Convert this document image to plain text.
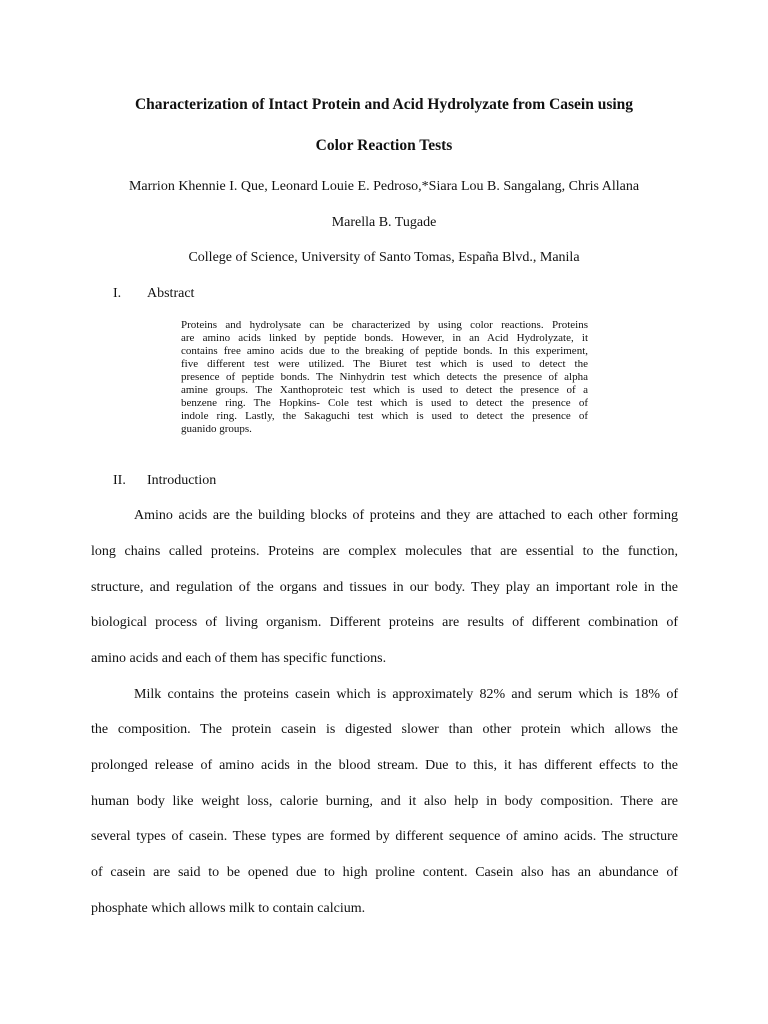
Characterization of Intact Protein and Acid Hydrolyzate from Casein using
Color Reaction Tests
Marrion Khennie I. Que, Leonard Louie E. Pedroso,*Siara Lou B. Sangalang, Chris Allana
Marella B. Tugade
College of Science, University of Santo Tomas, España Blvd., Manila
I. Abstract
Proteins and hydrolysate can be characterized by using color reactions. Proteins
are amino acids linked by peptide bonds. However, in an Acid Hydrolyzate, it
contains free amino acids due to the breaking of peptide bonds. In this experiment,
five different test were utilized. The Biuret test which is used to detect the
presence of peptide bonds. The Ninhydrin test which detects the presence of alpha
amine groups. The Xanthoproteic test which is used to detect the presence of a
benzene ring. The Hopkins- Cole test which is used to detect the presence of
indole ring. Lastly, the Sakaguchi test which is used to detect the presence of
guanido groups.
II. Introduction
Amino acids are the building blocks of proteins and they are attached to each other forming
long chains called proteins. Proteins are complex molecules that are essential to the function,
structure, and regulation of the organs and tissues in our body. They play an important role in the
biological process of living organism. Different proteins are results of different combination of
amino acids and each of them has specific functions.
Milk contains the proteins casein which is approximately 82% and serum which is 18% of
the composition. The protein casein is digested slower than other protein which allows the
prolonged release of amino acids in the blood stream. Due to this, it has different effects to the
human body like weight loss, calorie burning, and it also help in body composition. There are
several types of casein. These types are formed by different sequence of amino acids. The structure
of casein are said to be opened due to high proline content. Casein also has an abundance of
phosphate which allows milk to contain calcium.
